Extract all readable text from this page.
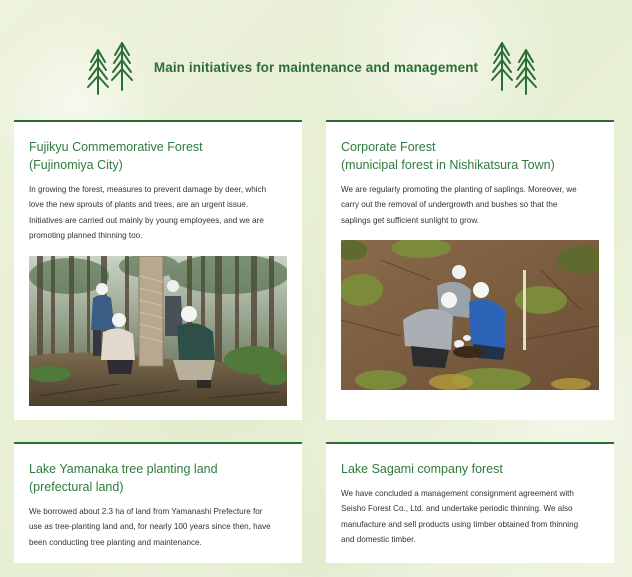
Main initiatives for maintenance and management
Fujikyu Commemorative Forest
(Fujinomiya City)
In growing the forest, measures to prevent damage by deer, which
love the new sprouts of plants and trees, are an urgent issue.
Initiatives are carried out mainly by young employees, and we are
promoting planned thinning too.
Corporate Forest
(municipal forest in Nishikatsura Town)
We are regularly promoting the planting of saplings. Moreover, we
carry out the removal of undergrowth and bushes so that the
saplings get sufficient sunlight to grow.
Lake Yamanaka tree planting land
(prefectural land)
We borrowed about 2.3 ha of land from Yamanashi Prefecture for
use as tree-planting land and, for nearly 100 years since then, have
been conducting tree planting and maintenance.
Lake Sagami company forest
We have concluded a management consignment agreement with
Seisho Forest Co., Ltd. and undertake periodic thinning. We also
manufacture and sell products using timber obtained from thinning
and domestic timber.
